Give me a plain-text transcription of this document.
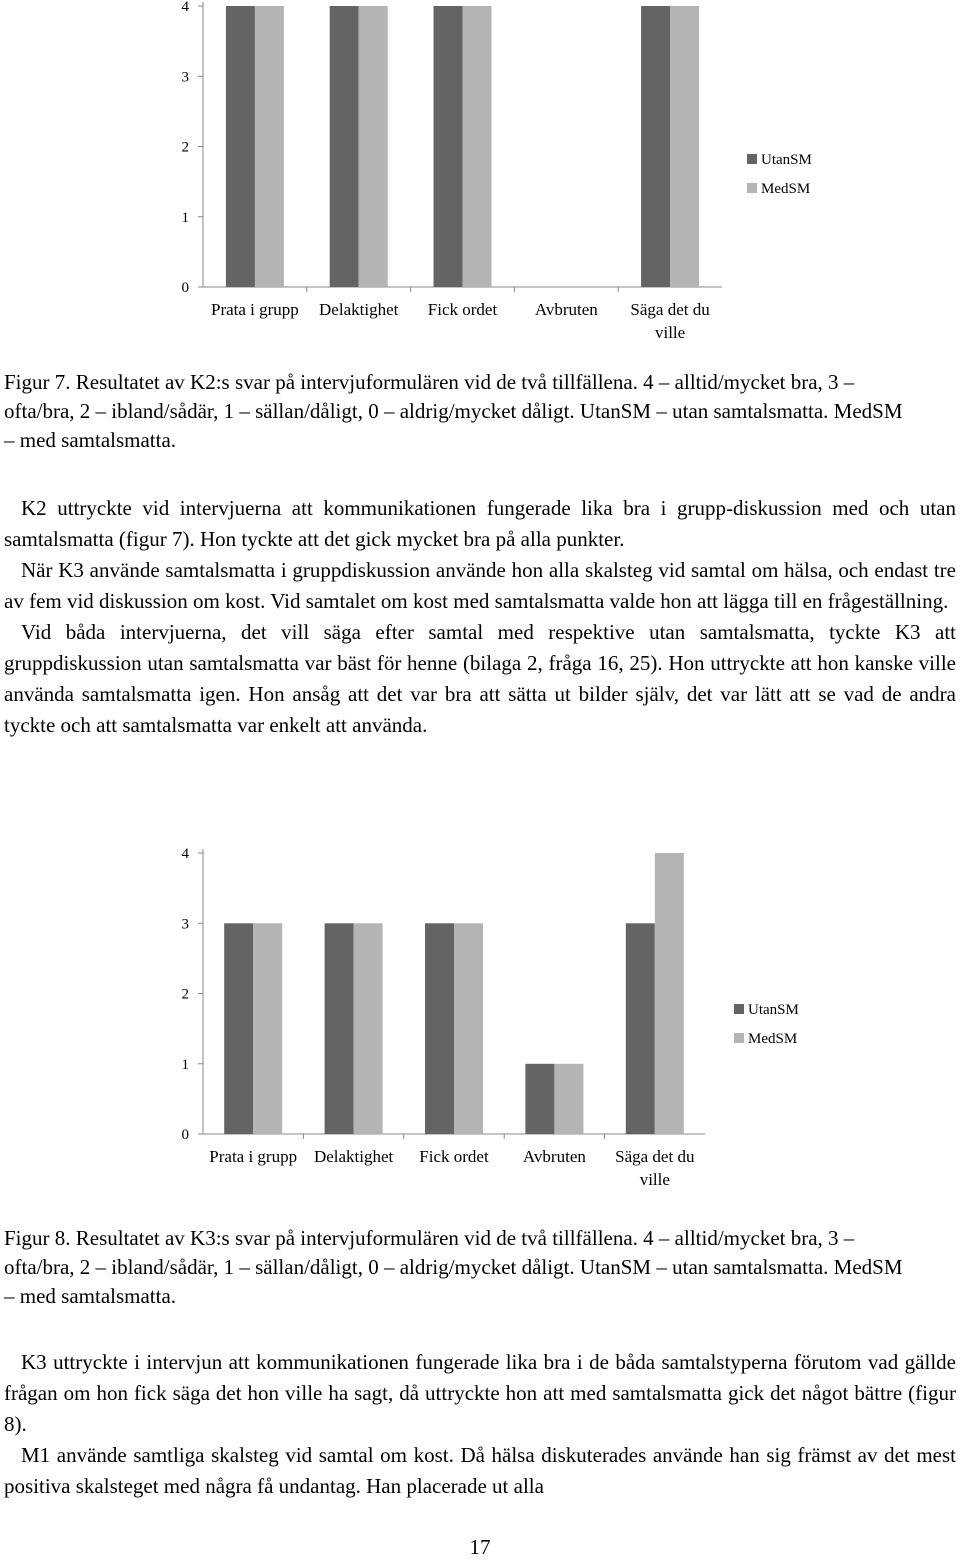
0
1
2
3
4
Prata i grupp Delaktighet Fick ordet Avbruten Säga det du ville
UtanSM
MedSM

Figur 7. Resultatet av K2:s svar på intervjuformulären vid de två tillfällena. 4 – alltid/mycket bra, 3 – ofta/bra, 2 – ibland/sådär, 1 – sällan/dåligt, 0 – aldrig/mycket dåligt. UtanSM – utan samtalsmatta. MedSM – med samtalsmatta.

K2 uttryckte vid intervjuerna att kommunikationen fungerade lika bra i grupp-diskussion med och utan samtalsmatta (figur 7). Hon tyckte att det gick mycket bra på alla punkter.

När K3 använde samtalsmatta i gruppdiskussion använde hon alla skalsteg vid samtal om hälsa, och endast tre av fem vid diskussion om kost. Vid samtalet om kost med samtalsmatta valde hon att lägga till en frågeställning.

Vid båda intervjuerna, det vill säga efter samtal med respektive utan samtalsmatta, tyckte K3 att gruppdiskussion utan samtalsmatta var bäst för henne (bilaga 2, fråga 16, 25). Hon uttryckte att hon kanske ville använda samtalsmatta igen. Hon ansåg att det var bra att sätta ut bilder själv, det var lätt att se vad de andra tyckte och att samtalsmatta var enkelt att använda.

0
1
2
3
4
Prata i grupp Delaktighet Fick ordet Avbruten Säga det du ville
UtanSM
MedSM

Figur 8. Resultatet av K3:s svar på intervjuformulären vid de två tillfällena. 4 – alltid/mycket bra, 3 – ofta/bra, 2 – ibland/sådär, 1 – sällan/dåligt, 0 – aldrig/mycket dåligt. UtanSM – utan samtalsmatta. MedSM – med samtalsmatta.

K3 uttryckte i intervjun att kommunikationen fungerade lika bra i de båda samtalstyperna förutom vad gällde frågan om hon fick säga det hon ville ha sagt, då uttryckte hon att med samtalsmatta gick det något bättre (figur 8).

M1 använde samtliga skalsteg vid samtal om kost. Då hälsa diskuterades använde han sig främst av det mest positiva skalsteget med några få undantag. Han placerade ut alla

17
